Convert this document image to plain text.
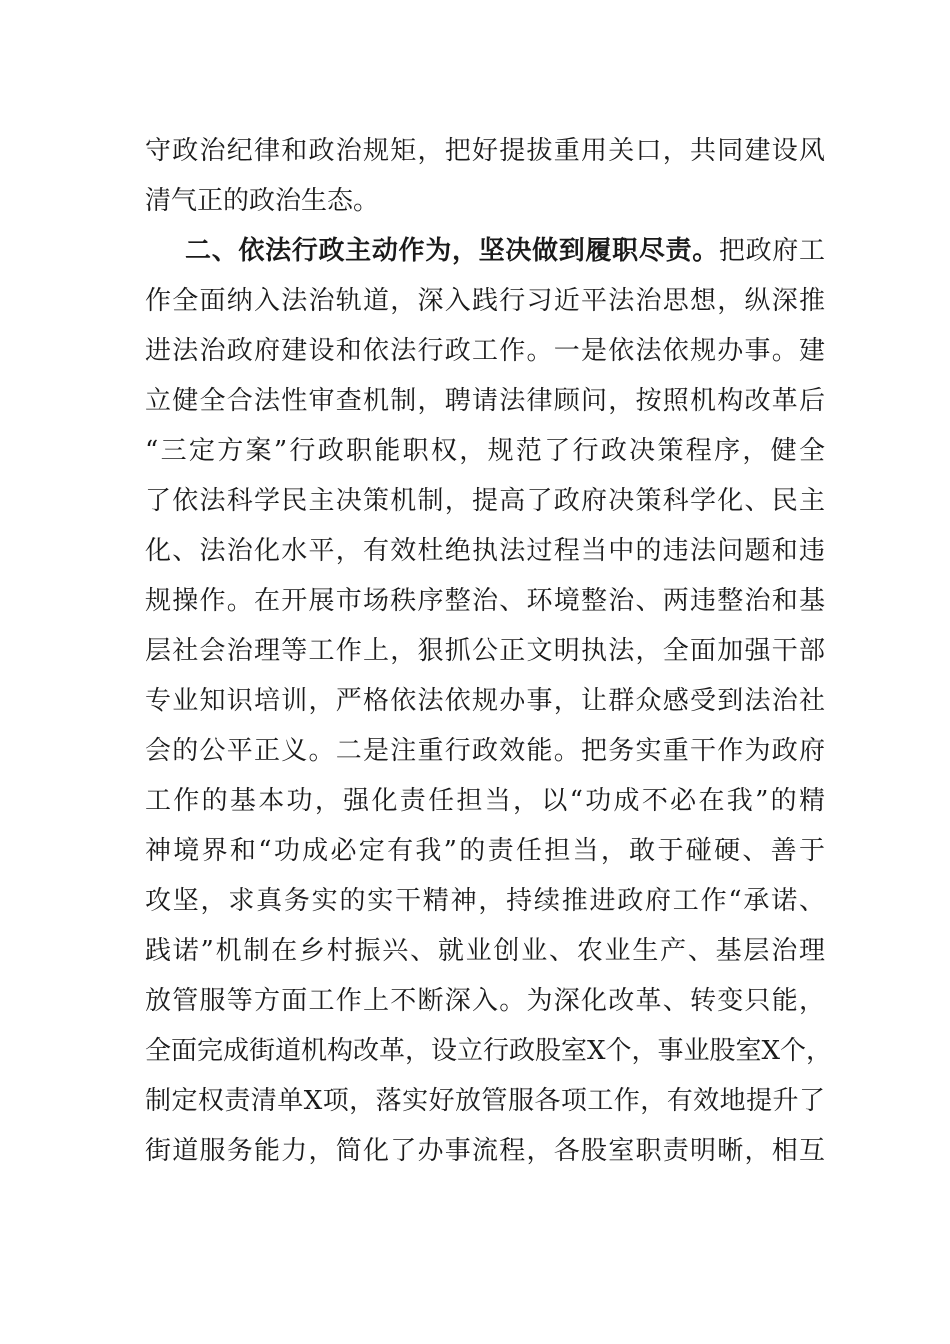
守政治纪律和政治规矩，把好提拔重用关口，共同建设风
清气正的政治生态。
二、依法行政主动作为，坚决做到履职尽责。把政府工
作全面纳入法治轨道，深入践行习近平法治思想，纵深推
进法治政府建设和依法行政工作。一是依法依规办事。建
立健全合法性审查机制，聘请法律顾问，按照机构改革后
“三定方案”行政职能职权，规范了行政决策程序，健全
了依法科学民主决策机制，提高了政府决策科学化、民主
化、法治化水平，有效杜绝执法过程当中的违法问题和违
规操作。在开展市场秩序整治、环境整治、两违整治和基
层社会治理等工作上，狠抓公正文明执法，全面加强干部
专业知识培训，严格依法依规办事，让群众感受到法治社
会的公平正义。二是注重行政效能。把务实重干作为政府
工作的基本功，强化责任担当，以“功成不必在我”的精
神境界和“功成必定有我”的责任担当，敢于碰硬、善于
攻坚，求真务实的实干精神，持续推进政府工作“承诺、
践诺”机制在乡村振兴、就业创业、农业生产、基层治理
放管服等方面工作上不断深入。为深化改革、转变只能，
全面完成街道机构改革，设立行政股室X个，事业股室X个，
制定权责清单X项，落实好放管服各项工作，有效地提升了
街道服务能力，简化了办事流程，各股室职责明晰，相互
